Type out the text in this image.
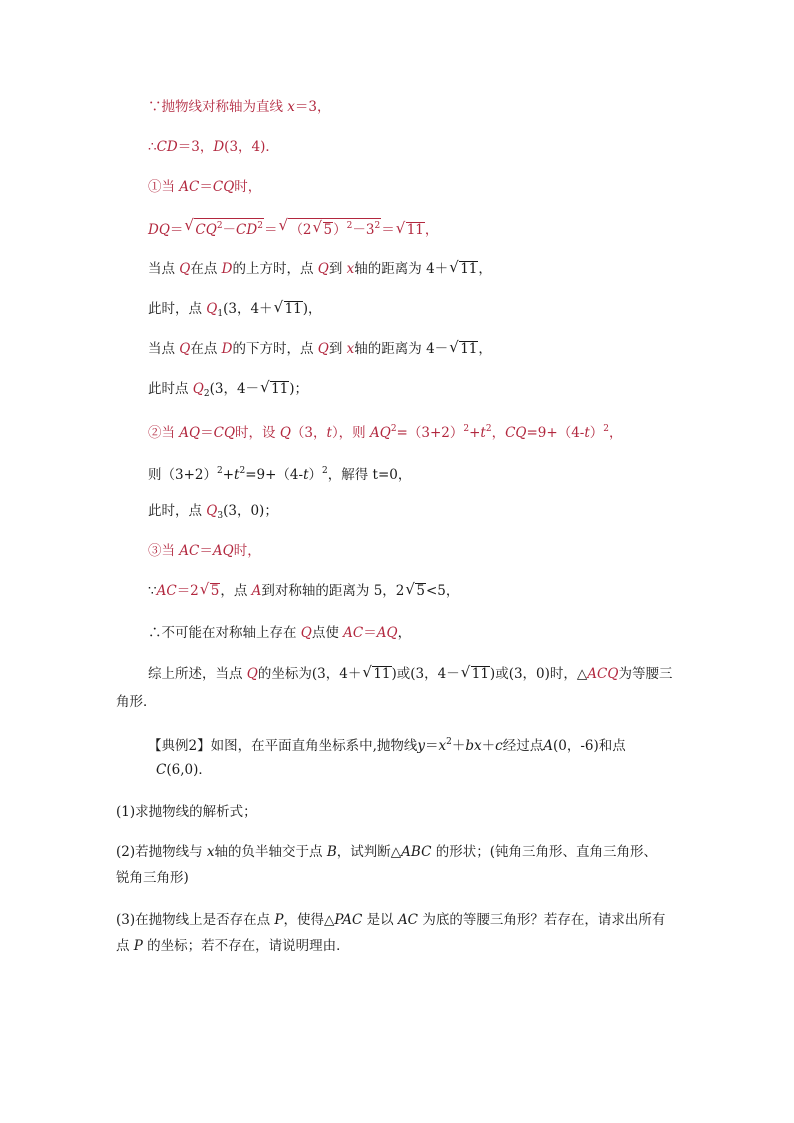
∵抛物线对称轴为直线 x＝3，
∴CD＝3，D(3，4)．
①当 AC＝CQ时，
DQ＝√ $CQ^2-CD^2=√$ （2√ $5)^2-3^2=√$ 11，
当点 Q在点 D的上方时，点 Q到 x轴的距离为 4＋√ 11，
此时，点 $Q_1(3$，4＋√ 11)，
当点 Q在点 D的下方时，点 Q到 x轴的距离为 4－√ 11，
此时点 $Q_2(3$，4－√ 11)；
②当 AQ＝CQ时，设 Q（3，t），则 $AQ^2=(3+2)^2+t^2$，$CQ=9+(4-t)^2$，
则$(3+2)^2+t^2=9+(4-t)^2$，解得 t=0，
此时，点 $Q_3(3$，0)；
③当 AC＝AQ时，
∵AC＝2√ 5，点 A到对称轴的距离为 5，2√ 5<5，
∴不可能在对称轴上存在 Q点使 AC＝AQ，
综上所述，当点 Q的坐标为(3，4＋√ 11)或(3，4－√ 11)或(3，0)时，△ACQ为等腰三
角形．
【典例2】如图，在平面直角坐标系中,抛物线$y=x^2+bx+c$经过点A(0，-6)和点
C(6,0)．
(1)求抛物线的解析式；
(2)若抛物线与 x轴的负半轴交于点 B，试判断△ABC 的形状；(钝角三角形、直角三角形、
锐角三角形)
(3)在抛物线上是否存在点 P，使得△PAC 是以 AC 为底的等腰三角形？若存在，请求出所有
点 P 的坐标；若不存在，请说明理由．
